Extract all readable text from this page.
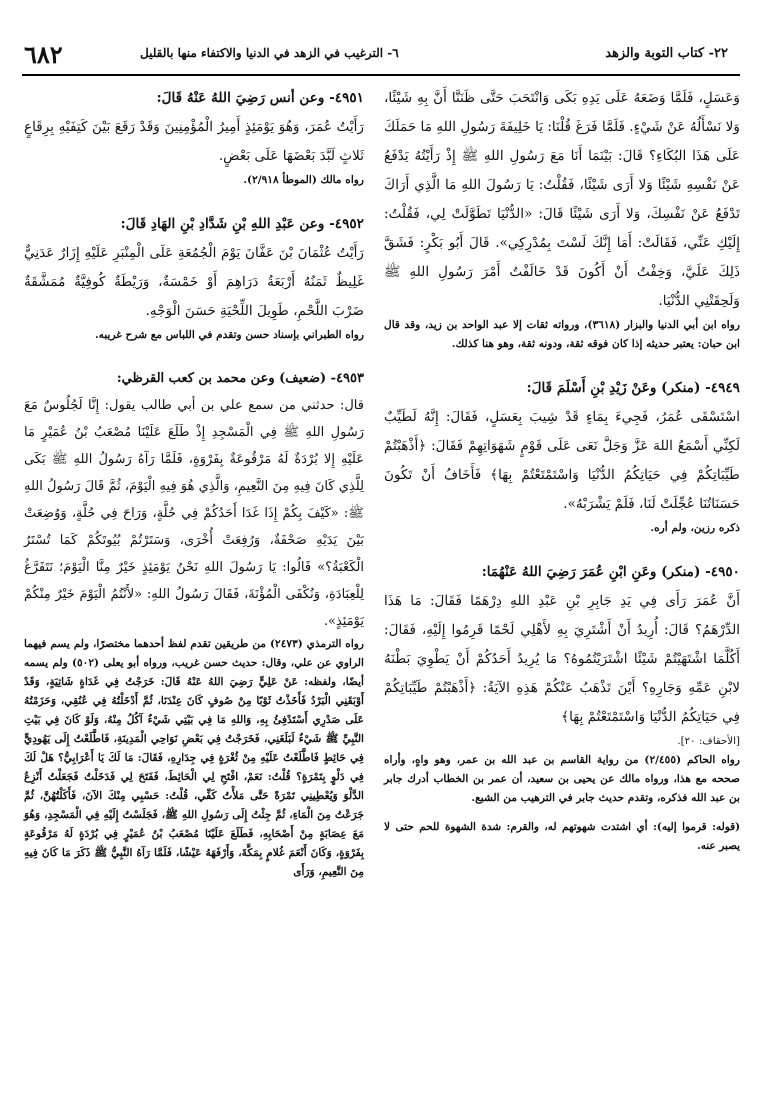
٢٢- كتاب التوبة والزهد
٦- الترغيب في الزهد في الدنيا والاكتفاء منها بالقليل
٦٨٢

وَعَسَلٍ، فَلَمَّا وَضَعَهُ عَلَى يَدِهِ بَكَى وَانْتَحَبَ حَتَّى ظَنَنَّا أَنَّ بِهِ شَيْئًا، وَلا نَسْأَلُهُ عَنْ شَيْءٍ. فَلَمَّا فَرَغَ قُلْنَا: يَا خَلِيفَةَ رَسُولِ اللهِ مَا حَمَلَكَ عَلَى هَذَا البُكَاءِ؟ قَالَ: بَيْنَمَا أَنَا مَعَ رَسُولِ اللهِ ﷺ إِذْ رَأَيْتُهُ يَدْفَعُ عَنْ نَفْسِهِ شَيْئًا وَلا أَرَى شَيْئًا، فَقُلْتُ: يَا رَسُولَ اللهِ مَا الَّذِي أَرَاكَ تَدْفَعُ عَنْ نَفْسِكَ، وَلا أَرَى شَيْئًا قَالَ: «الدُّنْيَا تَطَوَّلَتْ لِي، فَقُلْتُ: إِلَيْكِ عَنِّي، فَقَالَتْ: أَمَا إِنَّكَ لَسْتَ بِمُدْرِكِي». قَالَ أَبُو بَكْرٍ: فَشَقَّ ذَلِكَ عَلَيَّ، وَخِفْتُ أَنْ أَكُونَ قَدْ خَالَفْتُ أَمْرَ رَسُولِ اللهِ ﷺ وَلَحِقَتْنِي الدُّنْيَا.

رواه ابن أبي الدنيا والبزار (٣٦١٨)، ورواته ثقات إلا عبد الواحد بن زيد، وقد قال ابن حبان: يعتبر حديثه إذا كان فوقه ثقة، ودونه ثقة، وهو هنا كذلك.

٤٩٤٩- (منكر) وعَنْ زَيْدِ بْنِ أَسْلَمَ قَالَ:

اسْتَسْقَى عُمَرُ، فَجِيءَ بِمَاءٍ قَدْ شِيبَ بِعَسَلٍ، فَقَالَ: إِنَّهُ لَطَيِّبٌ لَكِنِّي أَسْمَعُ اللهَ عَزَّ وَجَلَّ نَعَى عَلَى قَوْمٍ شَهَوَاتِهِمْ فَقَالَ: ﴿أَذْهَبْتُمْ طَيِّبَاتِكُمْ فِي حَيَاتِكُمُ الدُّنْيَا وَاسْتَمْتَعْتُمْ بِهَا﴾ فَأَخَافُ أَنْ تَكُونَ حَسَنَاتُنَا عُجِّلَتْ لَنَا، فَلَمْ يَشْرَبْهُ».

ذكره رزين، ولم أره.

٤٩٥٠- (منكر) وعَنِ ابْنِ عُمَرَ رَضِيَ اللهُ عَنْهُمَا:

أَنَّ عُمَرَ رَأَى فِي يَدِ جَابِرِ بْنِ عَبْدِ اللهِ دِرْهَمًا فَقَالَ: مَا هَذَا الدِّرْهَمُ؟ قَالَ: أُرِيدُ أَنْ أَشْتَرِيَ بِهِ لأَهْلِي لَحْمًا قَرِمُوا إِلَيْهِ، فَقَالَ: أَكُلَّمَا اشْتَهَيْتُمْ شَيْئًا اشْتَرَيْتُمُوهُ؟ مَا يُرِيدُ أَحَدُكُمْ أَنْ يَطْوِيَ بَطْنَهُ لابْنِ عَمِّهِ وَجَارِهِ؟ أَيْنَ تَذْهَبُ عَنْكُمْ هَذِهِ الآيَةُ: ﴿أَذْهَبْتُمْ طَيِّبَاتِكُمْ فِي حَيَاتِكُمُ الدُّنْيَا وَاسْتَمْتَعْتُمْ بِهَا﴾

[الأحقاف: ٢٠].

رواه الحاكم (٢/٤٥٥) من رواية القاسم بن عبد الله بن عمر، وهو واهٍ، وأراه صححه مع هذا، ورواه مالك عن يحيى بن سعيد، أن عمر بن الخطاب أدرك جابر بن عبد الله فذكره، وتقدم حديث جابر في الترهيب من الشبع.

(قوله: قرموا إليه): أي اشتدت شهوتهم له، والقرم: شدة الشهوة للحم حتى لا يصبر عنه.

٤٩٥١- وعن أنس رَضِيَ اللهُ عَنْهُ قَالَ:

رَأَيْتُ عُمَرَ، وَهُوَ يَوْمَئِذٍ أَمِيرُ الْمُؤْمِنِينَ وَقَدْ رَقَعَ بَيْنَ كَتِفَيْهِ بِرِقَاعٍ ثَلاثٍ لَبَّدَ بَعْضَهَا عَلَى بَعْضٍ.

رواه مالك (الموطأ ٢/٩١٨).

٤٩٥٢- وعن عَبْدِ اللهِ بْنِ شَدَّادِ بْنِ الهَادِ قَالَ:

رَأَيْتُ عُثْمَانَ بْنَ عَفَّانَ يَوْمَ الْجُمُعَةِ عَلَى الْمِنْبَرِ عَلَيْهِ إِزَارٌ عَدَنِيٌّ غَلِيظٌ ثَمَنُهُ أَرْبَعَةُ دَرَاهِمَ أَوْ خَمْسَةٌ، وَرَيْطَةٌ كُوفِيَّةٌ مُمَشَّقَةٌ ضَرْبَ اللَّحْمِ، طَوِيلَ اللِّحْيَةِ حَسَنَ الْوَجْهِ.

رواه الطبراني بإسناد حسن وتقدم في اللباس مع شرح غريبه.

٤٩٥٣- (ضعيف) وعن محمد بن كعب القرظي:

قال: حدثني من سمع علي بن أبي طالب يقول: إِنَّا لَجُلُوسٌ مَعَ رَسُولِ اللهِ ﷺ فِي الْمَسْجِدِ إِذْ طَلَعَ عَلَيْنَا مُصْعَبُ بْنُ عُمَيْرٍ مَا عَلَيْهِ إِلا بُرْدَةٌ لَهُ مَرْقُوعَةٌ بِفَرْوَةٍ، فَلَمَّا رَآهُ رَسُولُ اللهِ ﷺ بَكَى لِلَّذِي كَانَ فِيهِ مِنَ النَّعِيمِ، وَالَّذِي هُوَ فِيهِ الْيَوْمَ، ثُمَّ قَالَ رَسُولُ اللهِ ﷺ: «كَيْفَ بِكُمْ إِذَا غَدَا أَحَدُكُمْ فِي حُلَّةٍ، وَرَاحَ فِي حُلَّةٍ، وَوُضِعَتْ بَيْنَ يَدَيْهِ صَحْفَةٌ، وَرُفِعَتْ أُخْرَى، وَسَتَرْتُمْ بُيُوتَكُمْ كَمَا تُسْتَرُ الْكَعْبَةُ؟» قَالُوا: يَا رَسُولَ اللهِ نَحْنُ يَوْمَئِذٍ خَيْرٌ مِنَّا الْيَوْمَ؛ نَتَفَرَّغُ لِلْعِبَادَةِ، وَنُكْفَى الْمُؤْنَةَ، فَقَالَ رَسُولُ اللهِ: «لأَنْتُمُ الْيَوْمَ خَيْرٌ مِنْكُمْ يَوْمَئِذٍ».

رواه الترمذي (٢٤٧٣) من طريقين تقدم لفظ أحدهما مختصرًا، ولم يسم فيهما الراوي عن علي، وقال: حديث حسن غريب، ورواه أبو يعلى (٥٠٢) ولم يسمه أيضًا، ولفظه: عَنْ عَلِيٍّ رَضِيَ اللهُ عَنْهُ قَالَ: خَرَجْتُ فِي غَدَاةٍ شَاتِيَةٍ، وَقَدْ أَوْبَقَنِي الْبَرْدُ فَأَخَذْتُ ثَوْبًا مِنْ صُوفٍ كَانَ عِنْدَنَا، ثُمَّ أَدْخَلْتُهُ فِي عُنُقِي، وَحَزَمْتُهُ عَلَى صَدْرِي أَسْتَدْفِئُ بِهِ، وَاللهِ مَا فِي بَيْتِي شَيْءٌ آكُلُ مِنْهُ، وَلَوْ كَانَ فِي بَيْتِ النَّبِيِّ ﷺ شَيْءٌ لَبَلَغَنِي، فَخَرَجْتُ فِي بَعْضِ نَوَاحِي الْمَدِينَةِ، فَاطَّلَعْتُ إِلَى يَهُودِيٍّ فِي حَائِطٍ فَاطَّلَعْتُ عَلَيْهِ مِنْ ثُغْرَةٍ فِي جِدَارِهِ، فَقَالَ: مَا لَكَ يَا أَعْرَابِيُّ؟ هَلْ لَكَ فِي دَلْوٍ بِتَمْرَةٍ؟ قُلْتُ: نَعَمْ، افْتَحِ لِي الْحَائِطَ، فَفَتَحَ لِي فَدَخَلْتُ فَجَعَلْتُ أَنْزِعُ الدَّلْوَ وَيُعْطِينِي تَمْرَةً حَتَّى مَلأْتُ كَفِّي، قُلْتُ: حَسْبِي مِنْكَ الآنَ، فَأَكَلْتُهُنَّ، ثُمَّ جَرَعْتُ مِنَ الْمَاءِ، ثُمَّ جِئْتُ إِلَى رَسُولِ اللهِ ﷺ، فَجَلَسْتُ إِلَيْهِ فِي الْمَسْجِدِ، وَهُوَ مَعَ عِصَابَةٍ مِنْ أَصْحَابِهِ، فَطَلَعَ عَلَيْنَا مُصْعَبُ بْنُ عُمَيْرٍ فِي بُرْدَةٍ لَهُ مَرْقُوعَةٍ بِفَرْوَةٍ، وَكَانَ أَنْعَمَ غُلامٍ بِمَكَّةَ، وَأَرْفَهَهُ عَيْشًا، فَلَمَّا رَآهُ النَّبِيُّ ﷺ ذَكَرَ مَا كَانَ فِيهِ مِنَ النَّعِيمِ، وَرَأَى
